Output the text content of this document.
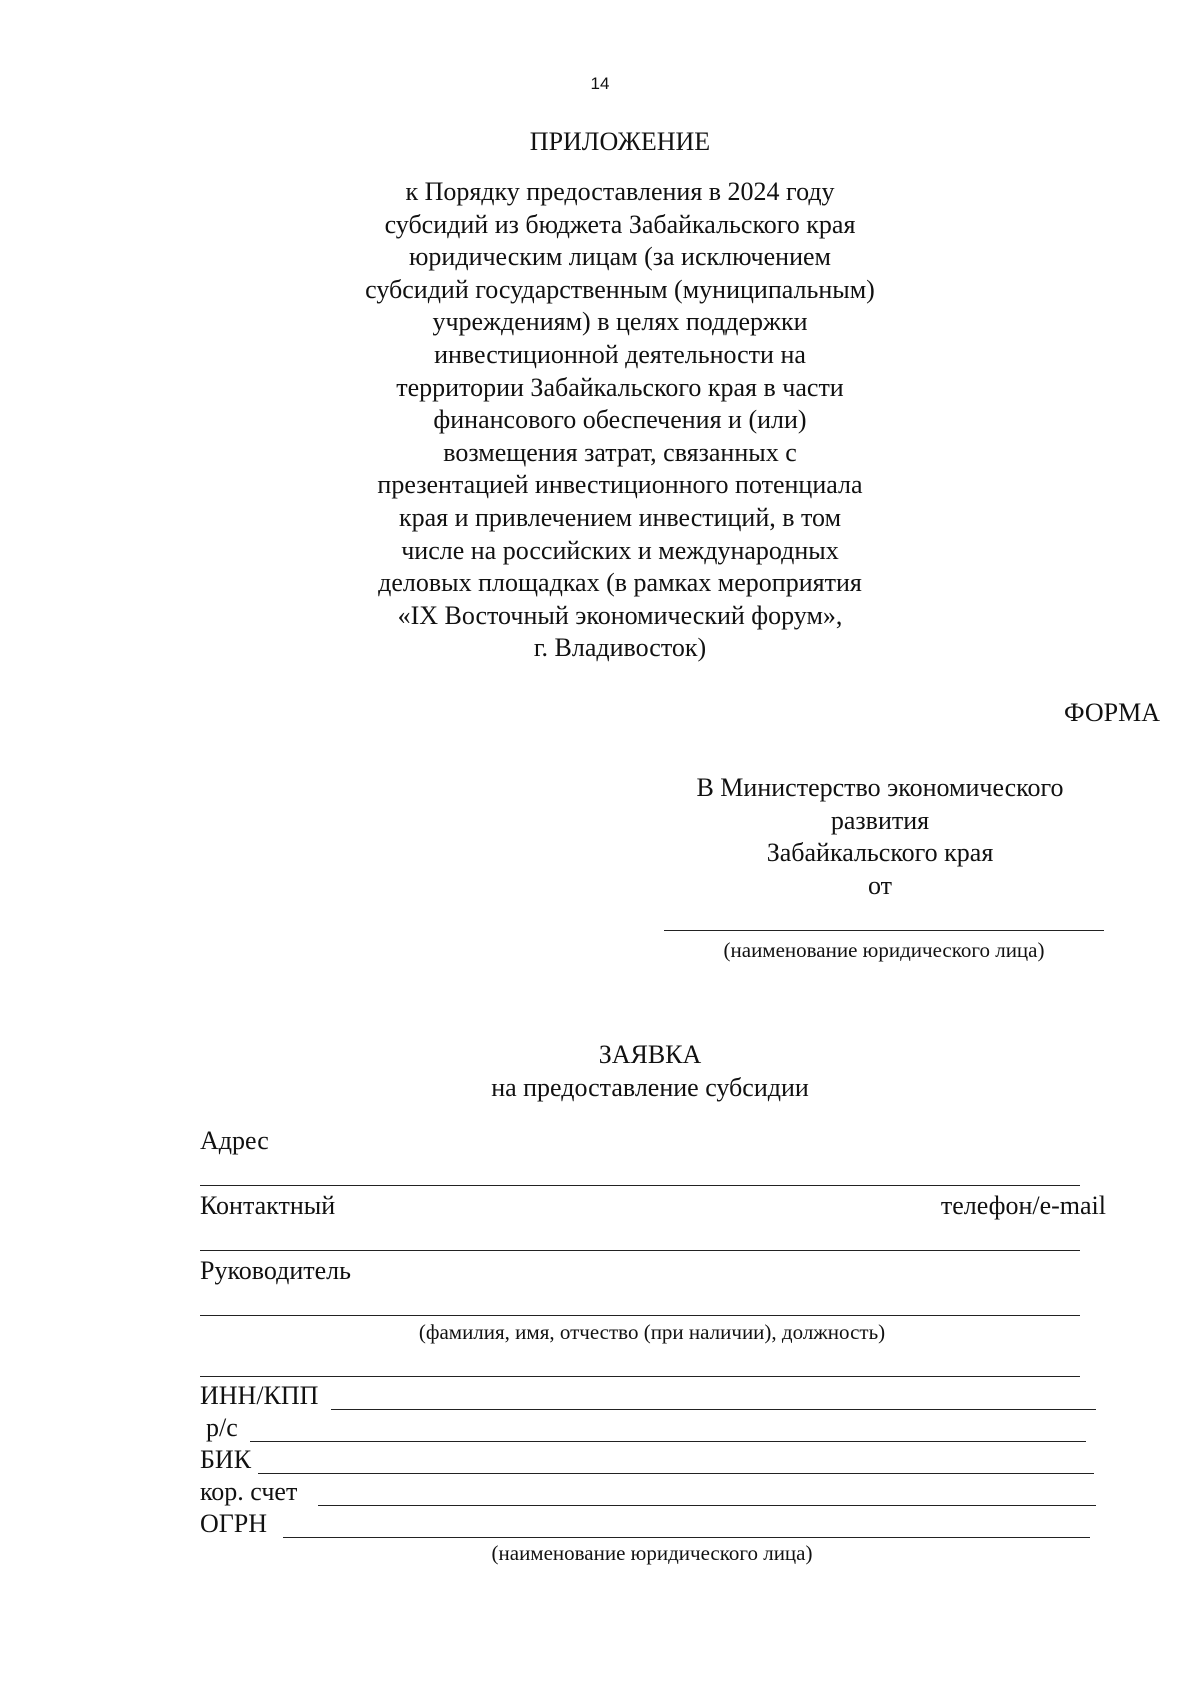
14
ПРИЛОЖЕНИЕ
к Порядку предоставления в 2024 году
субсидий из бюджета Забайкальского края
юридическим лицам (за исключением
субсидий государственным (муниципальным)
учреждениям) в целях поддержки
инвестиционной деятельности на
территории Забайкальского края в части
финансового обеспечения и (или)
возмещения затрат, связанных с
презентацией инвестиционного потенциала
края и привлечением инвестиций, в том
числе на российских и международных
деловых площадках (в рамках мероприятия
«IX Восточный экономический форум»,
г. Владивосток)
ФОРМА
В Министерство экономического
развития
Забайкальского края
от
(наименование юридического лица)
ЗАЯВКА
на предоставление субсидии
Адрес
Контактный	телефон/e-mail
Руководитель
(фамилия, имя, отчество (при наличии), должность)
ИНН/КПП
р/с
БИК
кор. счет
ОГРН
(наименование юридического лица)
